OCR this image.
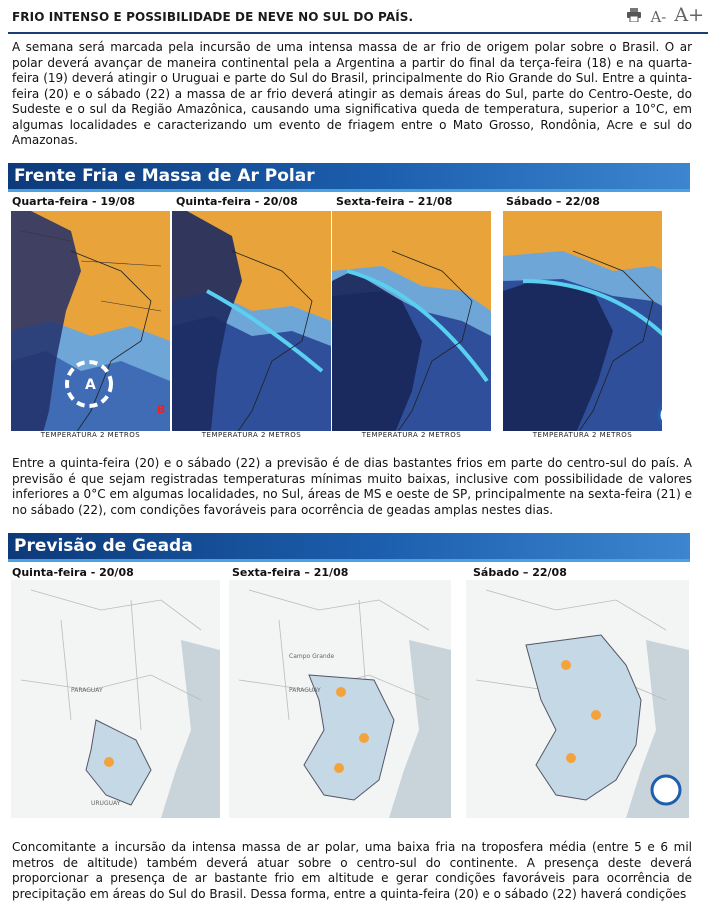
FRIO INTENSO E POSSIBILIDADE DE NEVE NO SUL DO PAÍS.	A- A+
A semana será marcada pela incursão de uma intensa massa de ar frio de origem polar sobre o Brasil. O ar polar deverá avançar de maneira continental pela a Argentina a partir do final da terça-feira (18) e na quarta-feira (19) deverá atingir o Uruguai e parte do Sul do Brasil, principalmente do Rio Grande do Sul. Entre a quinta-feira (20) e o sábado (22) a massa de ar frio deverá atingir as demais áreas do Sul, parte do Centro-Oeste, do Sudeste e o sul da Região Amazônica, causando uma significativa queda de temperatura, superior a 10°C, em algumas localidades e caracterizando um evento de friagem entre o Mato Grosso, Rondônia, Acre e sul do Amazonas.
Frente Fria e Massa de Ar Polar
Quarta-feira - 19/08	Quinta-feira - 20/08	Sexta-feira – 21/08	Sábado – 22/08
A
B
TEMPERATURA 2 METROS	TEMPERATURA 2 METROS	TEMPERATURA 2 METROS	TEMPERATURA 2 METROS
Entre a quinta-feira (20) e o sábado (22) a previsão é de dias bastantes frios em parte do centro-sul do país. A previsão é que sejam registradas temperaturas mínimas muito baixas, inclusive com possibilidade de valores inferiores a 0°C em algumas localidades, no Sul, áreas de MS e oeste de SP, principalmente na sexta-feira (21) e no sábado (22), com condições favoráveis para ocorrência de geadas amplas nestes dias.
Previsão de Geada
Quinta-feira - 20/08	Sexta-feira – 21/08	Sábado – 22/08
PARAGUAY
URUGUAY
PARAGUAY
Campo Grande
Concomitante a incursão da intensa massa de ar polar, uma baixa fria na troposfera média (entre 5 e 6 mil metros de altitude) também deverá atuar sobre o centro-sul do continente. A presença deste deverá proporcionar a presença de ar bastante frio em altitude e gerar condições favoráveis para ocorrência de precipitação em áreas do Sul do Brasil. Dessa forma, entre a quinta-feira (20) e o sábado (22) haverá condições
